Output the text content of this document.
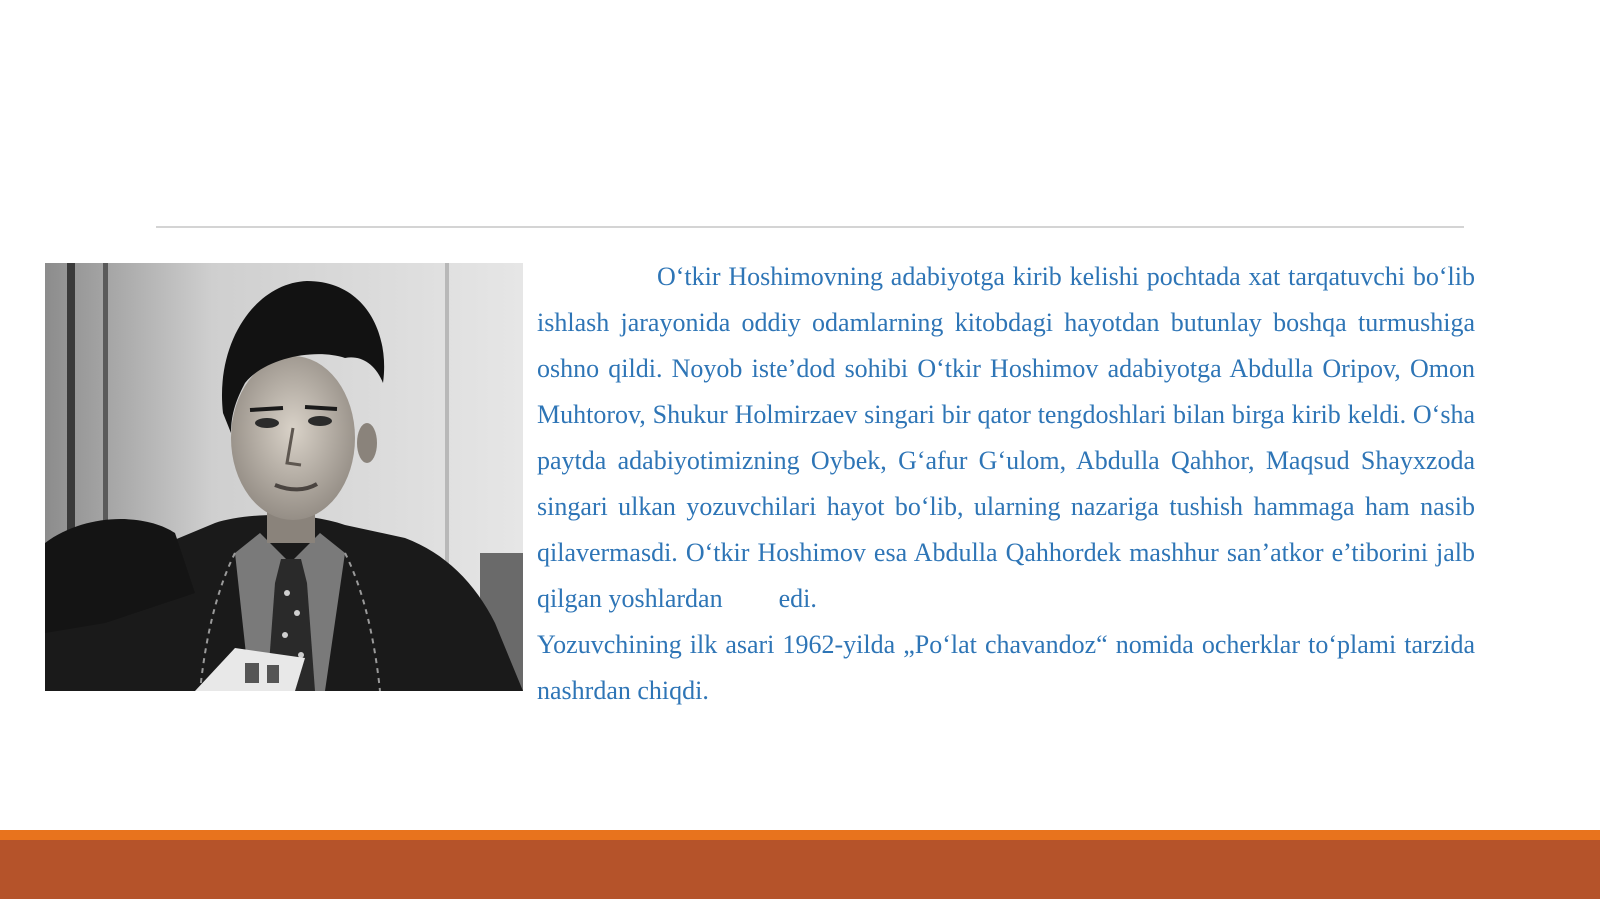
O‘tkir Hoshimovning adabiyotga kirib kelishi pochtada xat tarqatuvchi bo‘lib ishlash jarayonida oddiy odamlarning kitobdagi hayotdan butunlay boshqa turmushiga oshno qildi. Noyob iste’dod sohibi O‘tkir Hoshimov adabiyotga Abdulla Oripov, Omon Muhtorov, Shukur Holmirzaev singari bir qator tengdoshlari bilan birga kirib keldi. O‘sha paytda adabiyotimizning Oybek, G‘afur G‘ulom, Abdulla Qahhor, Maqsud Shayxzoda singari ulkan yozuvchilari hayot bo‘lib, ularning nazariga tushish hammaga ham nasib qilavermasdi. O‘tkir Hoshimov esa Abdulla Qahhordek mashhur san’atkor e’tiborini jalb qilgan yoshlardan edi.

Yozuvchining ilk asari 1962-yilda „Po‘lat chavandoz“ nomida ocherklar to‘plami tarzida nashrdan chiqdi.
